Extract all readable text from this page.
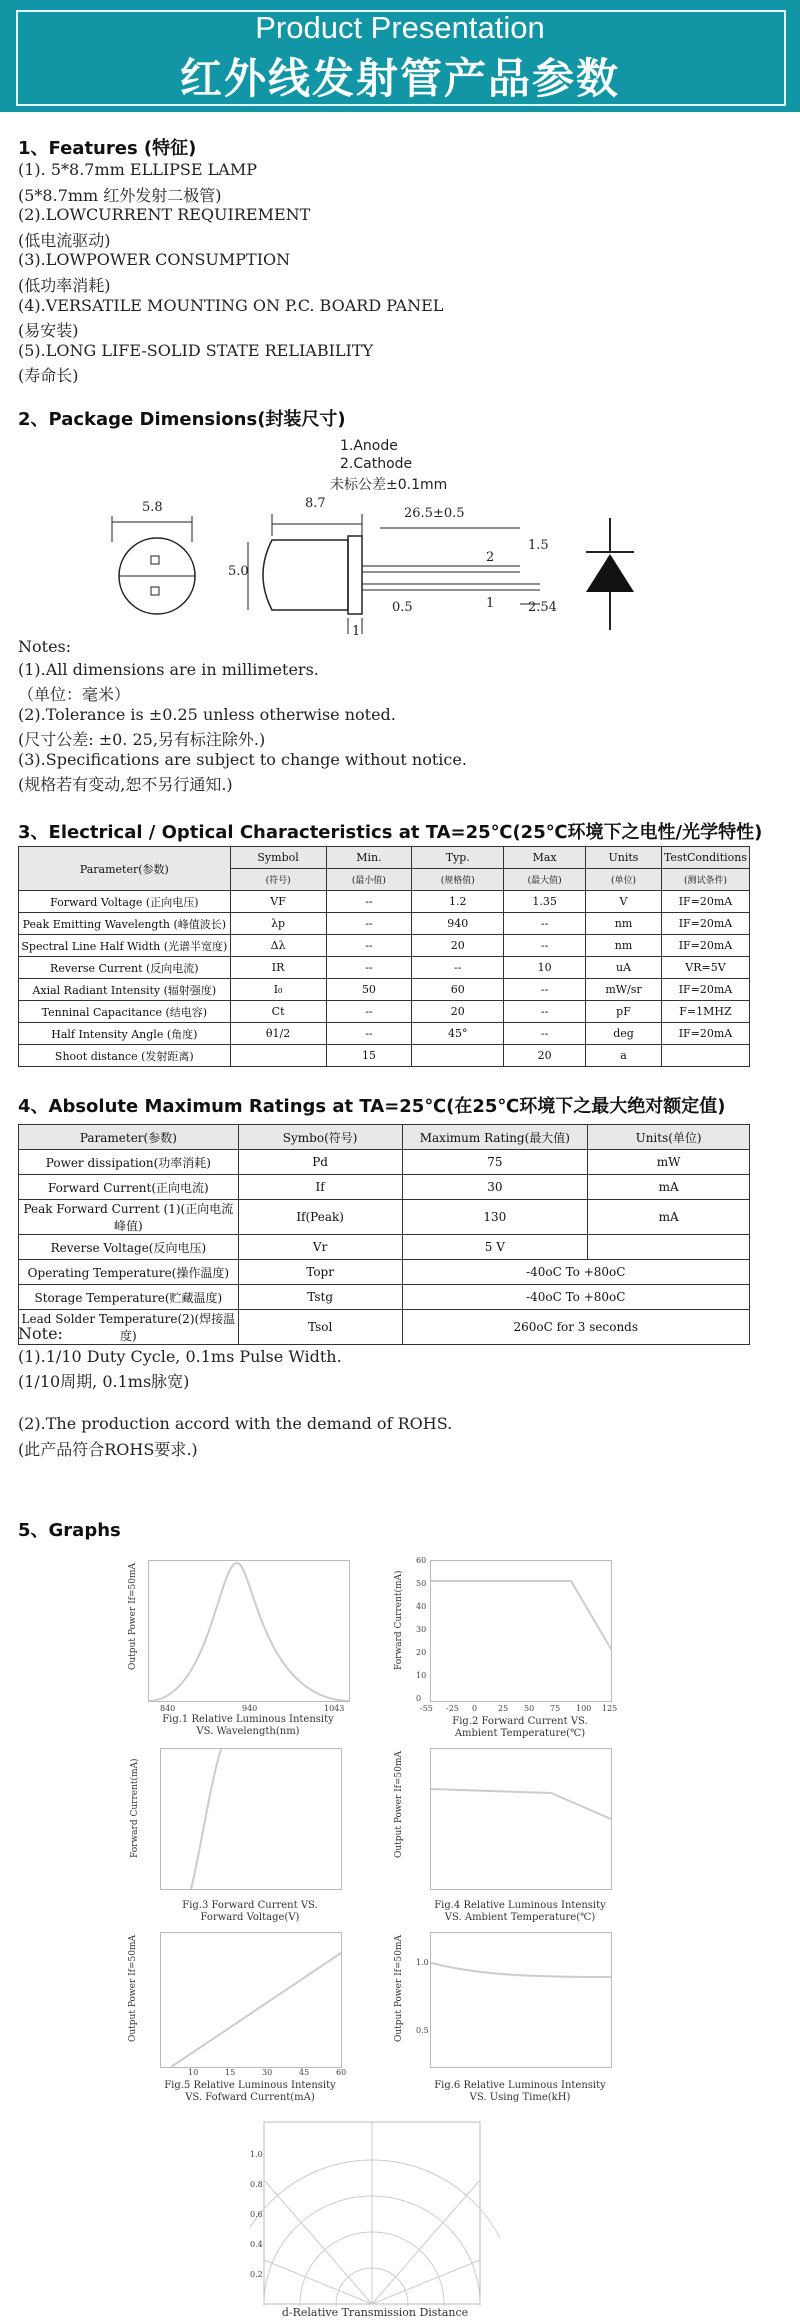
Product Presentation
红外线发射管产品参数
1、Features (特征)
(1). 5*8.7mm ELLIPSE LAMP
(5*8.7mm 红外发射二极管)
(2).LOWCURRENT REQUIREMENT
(低电流驱动)
(3).LOWPOWER CONSUMPTION
(低功率消耗)
(4).VERSATILE MOUNTING ON P.C. BOARD PANEL
(易安装)
(5).LONG LIFE-SOLID STATE RELIABILITY
(寿命长)
2、Package Dimensions(封装尺寸)
1.Anode
2.Cathode
未标公差±0.1mm
5.8	8.7
26.5±0.5
5.0
1.5
2
1
0.5	2.54
1
Notes:
(1).All dimensions are in millimeters.
（单位：毫米）
(2).Tolerance is ±0.25 unless otherwise noted.
(尺寸公差: ±0. 25,另有标注除外.)
(3).Specifications are subject to change without notice.
(规格若有变动,恕不另行通知.)
3、Electrical / Optical Characteristics at TA=25℃(25℃环境下之电性/光学特性)
Parameter(参数)	Symbol	Min.	Typ.	Max	Units	TestConditions
	(符号)	(最小值)	(规格值)	(最大值)	(单位)	(测试条件)
Forward Voltage (正向电压)	VF	--	1.2	1.35	V	IF=20mA
Peak Emitting Wavelength (峰值波长)	λp	--	940	--	nm	IF=20mA
Spectral Line Half Width (光谱半宽度)	Δλ	--	20	--	nm	IF=20mA
Reverse Current (反向电流)	IR	--	--	10	uA	VR=5V
Axial Radiant Intensity (辐射强度)	I₀	50	60	--	mW/sr	IF=20mA
Tenninal Capacitance (结电容)	Ct	--	20	--	pF	F=1MHZ
Half Intensity Angle (角度)	θ1/2	--	45°	--	deg	IF=20mA
Shoot distance (发射距离)		15		20	a	
4、Absolute Maximum Ratings at TA=25℃(在25℃环境下之最大绝对额定值)
Parameter(参数)	Symbo(符号)	Maximum Rating(最大值)	Units(单位)
Power dissipation(功率消耗)	Pd	75	mW
Forward Current(正向电流)	If	30	mA
Peak Forward Current (1)(正向电流峰值)	If(Peak)	130	mA
Reverse Voltage(反向电压)	Vr	5 V	
Operating Temperature(操作温度)	Topr	-40oC To +80oC	
Storage Temperature(贮藏温度)	Tstg	-40oC To +80oC	
Lead Solder Temperature(2)(焊接温度)	Tsol	260oC for 3 seconds	
Note:
(1).1/10 Duty Cycle, 0.1ms Pulse Width.
(1/10周期, 0.1ms脉宽)
(2).The production accord with the demand of ROHS.
(此产品符合ROHS要求.)
5、Graphs
Output Power If=50mA
840	940	1043
Fig.1 Relative Luminous Intensity
VS. Wavelength(nm)
Forward Current(mA)
-55 -25 0	25 50 75 100 125
60
50
40
30
20
10
0
Fig.2 Forward Current VS.
Ambient Temperature(℃)
Forward Current(mA)
Fig.3 Forward Current VS.
Forward Voltage(V)
Output Power If=50mA
Fig.4 Relative Luminous Intensity
VS. Ambient Temperature(℃)
Output Power If=50mA
10	15	30	45	60
Fig.5 Relative Luminous Intensity
VS. Fofward Current(mA)
Output Power If=50mA 1.0
0.5
Fig.6 Relative Luminous Intensity
VS. Using Time(kH)
1.0
0.8
0.6
0.4
0.2
d-Relative Transmission Distance
